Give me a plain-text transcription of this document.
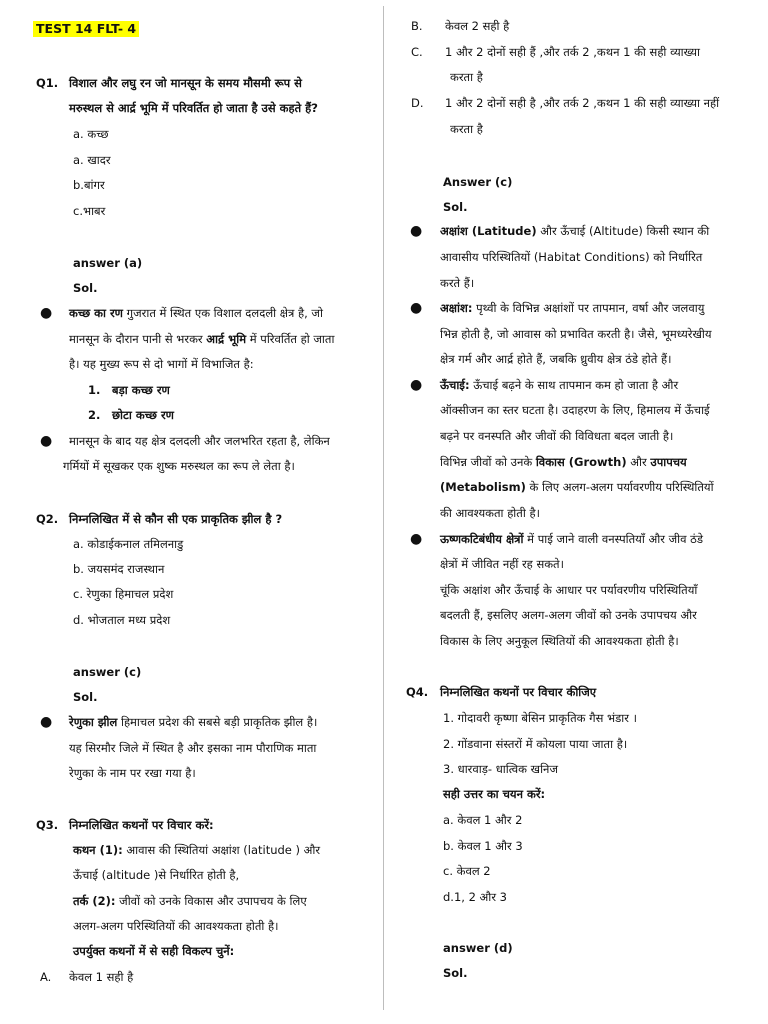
TEST 14 FLT- 4
Q1. विशाल और लघु रन जो मानसून के समय मौसमी रूप से
मरुस्थल से आर्द्र भूमि में परिवर्तित हो जाता है उसे कहते हैं?
a. कच्छ
a. खादर
b.बांगर
c.भाबर
answer (a)
Sol.
● कच्छ का रण गुजरात में स्थित एक विशाल दलदली क्षेत्र है, जो
मानसून के दौरान पानी से भरकर आर्द्र भूमि में परिवर्तित हो जाता
है। यह मुख्य रूप से दो भागों में विभाजित है:
1. बड़ा कच्छ रण
2. छोटा कच्छ रण
● मानसून के बाद यह क्षेत्र दलदली और जलभरित रहता है, लेकिन
गर्मियों में सूखकर एक शुष्क मरुस्थल का रूप ले लेता है।
Q2. निम्नलिखित में से कौन सी एक प्राकृतिक झील है ?
a. कोडाईकनाल तमिलनाडु
b. जयसमंद राजस्थान
c. रेणुका हिमाचल प्रदेश
d. भोजताल मध्य प्रदेश
answer (c)
Sol.
● रेणुका झील हिमाचल प्रदेश की सबसे बड़ी प्राकृतिक झील है।
यह सिरमौर जिले में स्थित है और इसका नाम पौराणिक माता
रेणुका के नाम पर रखा गया है।
Q3. निम्नलिखित कथनों पर विचार करें:
कथन (1): आवास की स्थितियां अक्षांश (latitude ) और
ऊँचाई (altitude )से निर्धारित होती है,
तर्क (2): जीवों को उनके विकास और उपापचय के लिए
अलग-अलग परिस्थितियों की आवश्यकता होती है।
उपर्युक्त कथनों में से सही विकल्प चुनें:
A. केवल 1 सही है
B. केवल 2 सही है
C. 1 और 2 दोनों सही हैं ,और तर्क 2 ,कथन 1 की सही व्याख्या
करता है
D. 1 और 2 दोनों सही है ,और तर्क 2 ,कथन 1 की सही व्याख्या नहीं
करता है
Answer (c)
Sol.
● अक्षांश (Latitude) और ऊँचाई (Altitude) किसी स्थान की
आवासीय परिस्थितियों (Habitat Conditions) को निर्धारित
करते हैं।
● अक्षांश: पृथ्वी के विभिन्न अक्षांशों पर तापमान, वर्षा और जलवायु
भिन्न होती है, जो आवास को प्रभावित करती है। जैसे, भूमध्यरेखीय
क्षेत्र गर्म और आर्द्र होते हैं, जबकि ध्रुवीय क्षेत्र ठंडे होते हैं।
● ऊँचाई: ऊँचाई बढ़ने के साथ तापमान कम हो जाता है और
ऑक्सीजन का स्तर घटता है। उदाहरण के लिए, हिमालय में ऊँचाई
बढ़ने पर वनस्पति और जीवों की विविधता बदल जाती है।
विभिन्न जीवों को उनके विकास (Growth) और उपापचय
(Metabolism) के लिए अलग-अलग पर्यावरणीय परिस्थितियों
की आवश्यकता होती है।
● ऊष्णकटिबंधीय क्षेत्रों में पाई जाने वाली वनस्पतियाँ और जीव ठंडे
क्षेत्रों में जीवित नहीं रह सकते।
चूंकि अक्षांश और ऊँचाई के आधार पर पर्यावरणीय परिस्थितियाँ
बदलती हैं, इसलिए अलग-अलग जीवों को उनके उपापचय और
विकास के लिए अनुकूल स्थितियों की आवश्यकता होती है।
Q4. निम्नलिखित कथनों पर विचार कीजिए
1. गोदावरी कृष्णा बेसिन प्राकृतिक गैस भंडार ।
2. गोंडवाना संस्तरों में कोयला पाया जाता है।
3. धारवाड़- धात्विक खनिज
सही उत्तर का चयन करें:
a. केवल 1 और 2
b. केवल 1 और 3
c. केवल 2
d.1, 2 और 3
answer (d)
Sol.
